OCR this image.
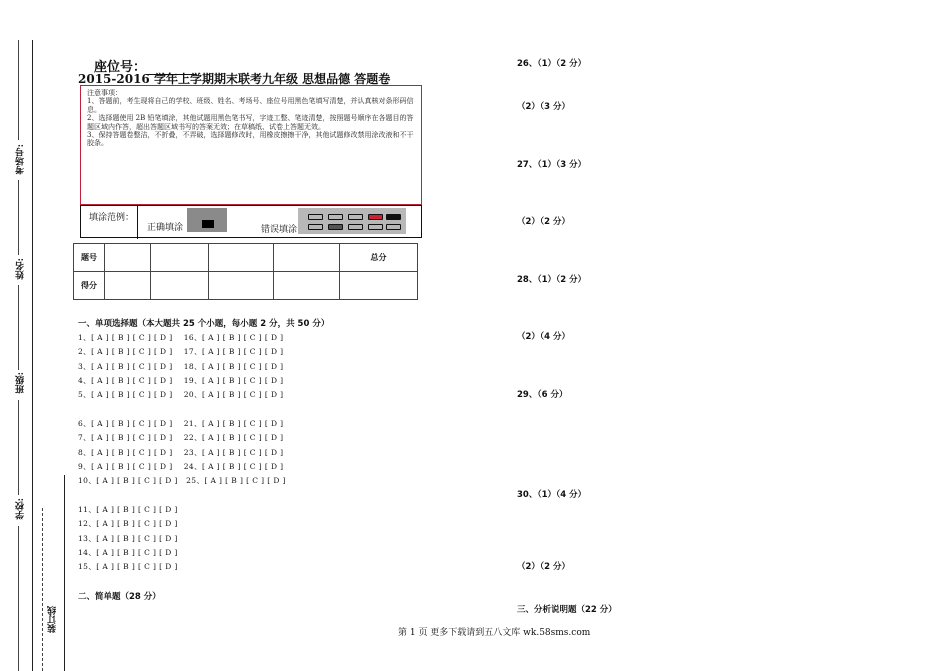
考场号:
姓名:
班级:
学校:
装订线
座位号：
2015-2016 学年上学期期末联考九年级 思想品德 答题卷
注意事项：
1、答题前，考生现将自己的学校、班级、姓名、考场号、座位号用黑色笔填写清楚，并认真核对条形码信息。
2、选择题使用 2B 铅笔填涂，其他试题用黑色笔书写，字迹工整、笔迹清楚，按照题号顺序在各题目的答题区域内作答，超出答题区域书写的答案无效；在草稿纸、试卷上答题无效。
3、保持答题卷整洁，不折叠，不弄破，选择题修改时，用橡皮擦擦干净，其他试题修改禁用涂改液和不干胶条。
填涂范例：
正确填涂	错误填涂
题号					总分
得分					
一、单项选择题（本大题共 25 个小题，每小题 2 分，共 50 分）
1、[ A ] [ B ] [ C ] [ D ]    16、[ A ] [ B ] [ C ] [ D ]
2、[ A ] [ B ] [ C ] [ D ]    17、[ A ] [ B ] [ C ] [ D ]
3、[ A ] [ B ] [ C ] [ D ]    18、[ A ] [ B ] [ C ] [ D ]
4、[ A ] [ B ] [ C ] [ D ]    19、[ A ] [ B ] [ C ] [ D ]
5、[ A ] [ B ] [ C ] [ D ]    20、[ A ] [ B ] [ C ] [ D ]
6、[ A ] [ B ] [ C ] [ D ]    21、[ A ] [ B ] [ C ] [ D ]
7、[ A ] [ B ] [ C ] [ D ]    22、[ A ] [ B ] [ C ] [ D ]
8、[ A ] [ B ] [ C ] [ D ]    23、[ A ] [ B ] [ C ] [ D ]
9、[ A ] [ B ] [ C ] [ D ]    24、[ A ] [ B ] [ C ] [ D ]
10、[ A ] [ B ] [ C ] [ D ]   25、[ A ] [ B ] [ C ] [ D ]
11、[ A ] [ B ] [ C ] [ D ]
12、[ A ] [ B ] [ C ] [ D ]
13、[ A ] [ B ] [ C ] [ D ]
14、[ A ] [ B ] [ C ] [ D ]
15、[ A ] [ B ] [ C ] [ D ]
二、简单题（28 分）
26、（1）（2 分）
（2）（3 分）
27、（1）（3 分）
（2）（2 分）
28、（1）（2 分）
（2）（4 分）
29、（6 分）
30、（1）（4 分）
（2）（2 分）
三、分析说明题（22 分）
第 1 页 更多下载请到五八文库 wk.58sms.com
